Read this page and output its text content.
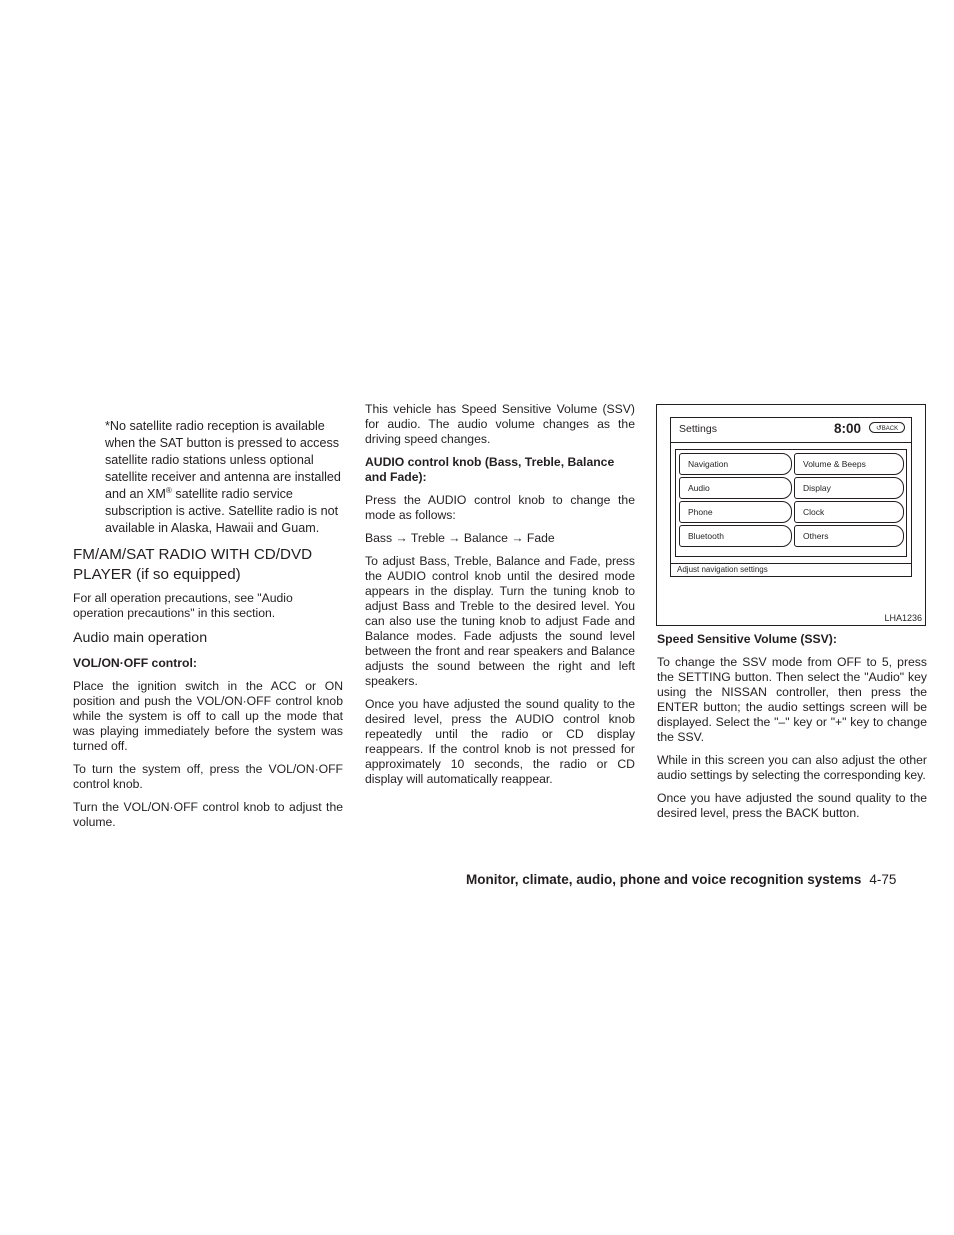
*No satellite radio reception is available when the SAT button is pressed to access satellite radio stations unless optional satellite receiver and antenna are installed and an XM® satellite radio service subscription is active. Satellite radio is not available in Alaska, Hawaii and Guam.

FM/AM/SAT RADIO WITH CD/DVD PLAYER (if so equipped)

For all operation precautions, see "Audio operation precautions" in this section.

Audio main operation
VOL/ON·OFF control:

Place the ignition switch in the ACC or ON position and push the VOL/ON·OFF control knob while the system is off to call up the mode that was playing immediately before the system was turned off.

To turn the system off, press the VOL/ON·OFF control knob.

Turn the VOL/ON·OFF control knob to adjust the volume.

This vehicle has Speed Sensitive Volume (SSV) for audio. The audio volume changes as the driving speed changes.

AUDIO control knob (Bass, Treble, Balance and Fade):

Press the AUDIO control knob to change the mode as follows:

Bass → Treble → Balance → Fade

To adjust Bass, Treble, Balance and Fade, press the AUDIO control knob until the desired mode appears in the display. Turn the tuning knob to adjust Bass and Treble to the desired level. You can also use the tuning knob to adjust Fade and Balance modes. Fade adjusts the sound level between the front and rear speakers and Balance adjusts the sound between the right and left speakers.

Once you have adjusted the sound quality to the desired level, press the AUDIO control knob repeatedly until the radio or CD display reappears. If the control knob is not pressed for approximately 10 seconds, the radio or CD display will automatically reappear.

Settings	8:00	↺BACK
Navigation	Volume & Beeps
Audio	Display
Phone	Clock
Bluetooth	Others
Adjust navigation settings
LHA1236
Speed Sensitive Volume (SSV):

To change the SSV mode from OFF to 5, press the SETTING button. Then select the "Audio" key using the NISSAN controller, then press the ENTER button; the audio settings screen will be displayed. Select the "–" key or "+" key to change the SSV.

While in this screen you can also adjust the other audio settings by selecting the corresponding key.

Once you have adjusted the sound quality to the desired level, press the BACK button.

Monitor, climate, audio, phone and voice recognition systems 4-75
